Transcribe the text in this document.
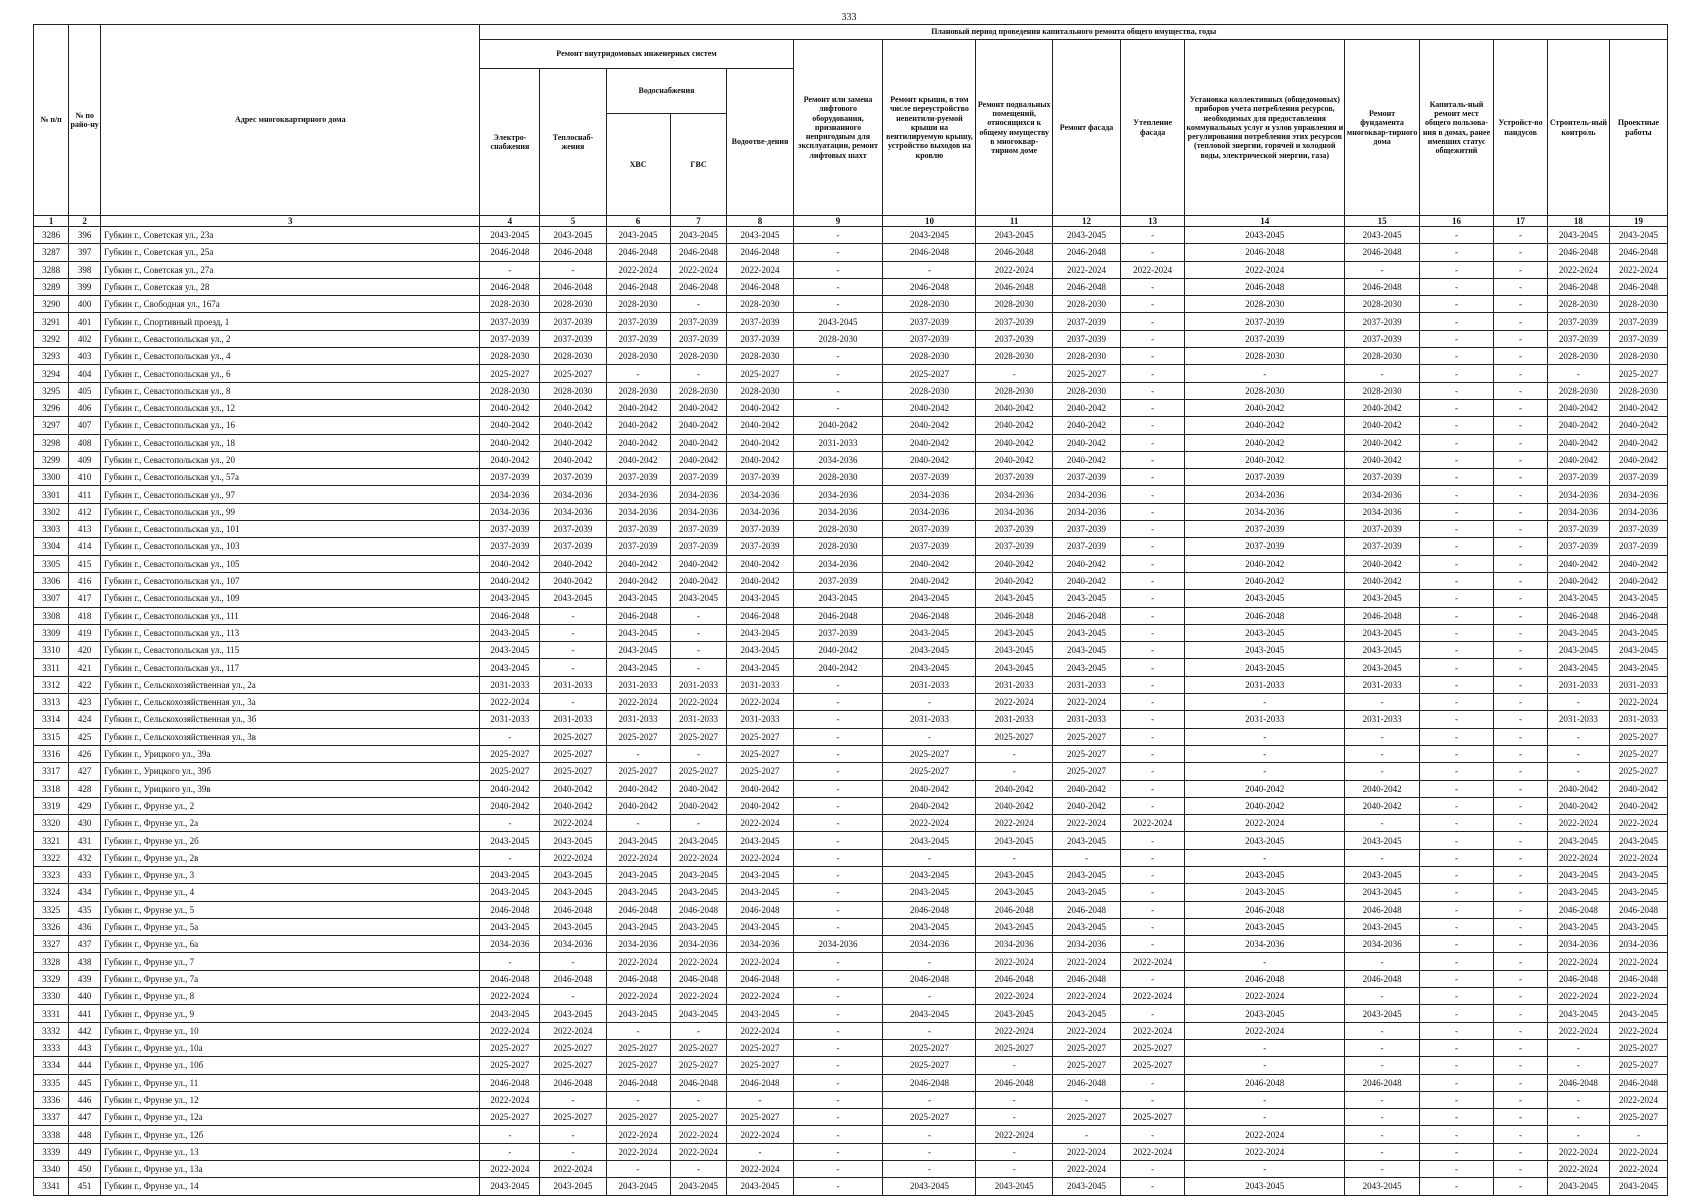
333
№ п/п	№ по райо-ну	Адрес многоквартирного дома	Плановый период проведения капитального ремонта общего имущества, годы															
			Ремонт внутридомовых инженерных систем					Ремонт или замена лифтового оборудования, признанного непригодным для эксплуатации, ремонт лифтовых шахт	Ремонт крыши, в том числе переустройство невентили-руемой крыши на вентилируемую крышу, устройство выходов на кровлю	Ремонт подвальных помещений, относящихся к общему имуществу в многоквар-тирном доме	Ремонт фасада	Утепление фасада	Установка коллективных (общедомовых) приборов учета потребления ресурсов, необходимых для предоставления коммунальных услуг и узлов управления и регулирования потребления этих ресурсов (тепловой энергии, горячей и холодной воды, электрической энергии, газа)	Ремонт фундамента многоквар-тирного дома	Капиталь-ный ремонт мест общего пользова-ния в домах, ранее имевших статус общежитий	Устройст-во пандусов	Строитель-ный контроль	Проектные работы
			Электро-снабжения	Теплоснаб-жения	Водоснабжения		Водоотве-дения											
					ХВС	ГВС												
1	2	3	4	5	6	7	8	9	10	11	12	13	14	15	16	17	18	19
3286	396	Губкин г., Советская ул., 23а	2043-2045	2043-2045	2043-2045	2043-2045	2043-2045	-	2043-2045	2043-2045	2043-2045	-	2043-2045	2043-2045	-	-	2043-2045	2043-2045
3287	397	Губкин г., Советская ул., 25а	2046-2048	2046-2048	2046-2048	2046-2048	2046-2048	-	2046-2048	2046-2048	2046-2048	-	2046-2048	2046-2048	-	-	2046-2048	2046-2048
3288	398	Губкин г., Советская ул., 27а	-	-	2022-2024	2022-2024	2022-2024	-	-	2022-2024	2022-2024	2022-2024	2022-2024	-	-	-	2022-2024	2022-2024
3289	399	Губкин г., Советская ул., 28	2046-2048	2046-2048	2046-2048	2046-2048	2046-2048	-	2046-2048	2046-2048	2046-2048	-	2046-2048	2046-2048	-	-	2046-2048	2046-2048
3290	400	Губкин г., Свободная ул., 167а	2028-2030	2028-2030	2028-2030	-	2028-2030	-	2028-2030	2028-2030	2028-2030	-	2028-2030	2028-2030	-	-	2028-2030	2028-2030
3291	401	Губкин г., Спортивный проезд, 1	2037-2039	2037-2039	2037-2039	2037-2039	2037-2039	2043-2045	2037-2039	2037-2039	2037-2039	-	2037-2039	2037-2039	-	-	2037-2039	2037-2039
3292	402	Губкин г., Севастопольская ул., 2	2037-2039	2037-2039	2037-2039	2037-2039	2037-2039	2028-2030	2037-2039	2037-2039	2037-2039	-	2037-2039	2037-2039	-	-	2037-2039	2037-2039
3293	403	Губкин г., Севастопольская ул., 4	2028-2030	2028-2030	2028-2030	2028-2030	2028-2030	-	2028-2030	2028-2030	2028-2030	-	2028-2030	2028-2030	-	-	2028-2030	2028-2030
3294	404	Губкин г., Севастопольская ул., 6	2025-2027	2025-2027	-	-	2025-2027	-	2025-2027	-	2025-2027	-	-	-	-	-	-	2025-2027
3295	405	Губкин г., Севастопольская ул., 8	2028-2030	2028-2030	2028-2030	2028-2030	2028-2030	-	2028-2030	2028-2030	2028-2030	-	2028-2030	2028-2030	-	-	2028-2030	2028-2030
3296	406	Губкин г., Севастопольская ул., 12	2040-2042	2040-2042	2040-2042	2040-2042	2040-2042	-	2040-2042	2040-2042	2040-2042	-	2040-2042	2040-2042	-	-	2040-2042	2040-2042
3297	407	Губкин г., Севастопольская ул., 16	2040-2042	2040-2042	2040-2042	2040-2042	2040-2042	2040-2042	2040-2042	2040-2042	2040-2042	-	2040-2042	2040-2042	-	-	2040-2042	2040-2042
3298	408	Губкин г., Севастопольская ул., 18	2040-2042	2040-2042	2040-2042	2040-2042	2040-2042	2031-2033	2040-2042	2040-2042	2040-2042	-	2040-2042	2040-2042	-	-	2040-2042	2040-2042
3299	409	Губкин г., Севастопольская ул., 20	2040-2042	2040-2042	2040-2042	2040-2042	2040-2042	2034-2036	2040-2042	2040-2042	2040-2042	-	2040-2042	2040-2042	-	-	2040-2042	2040-2042
3300	410	Губкин г., Севастопольская ул., 57а	2037-2039	2037-2039	2037-2039	2037-2039	2037-2039	2028-2030	2037-2039	2037-2039	2037-2039	-	2037-2039	2037-2039	-	-	2037-2039	2037-2039
3301	411	Губкин г., Севастопольская ул., 97	2034-2036	2034-2036	2034-2036	2034-2036	2034-2036	2034-2036	2034-2036	2034-2036	2034-2036	-	2034-2036	2034-2036	-	-	2034-2036	2034-2036
3302	412	Губкин г., Севастопольская ул., 99	2034-2036	2034-2036	2034-2036	2034-2036	2034-2036	2034-2036	2034-2036	2034-2036	2034-2036	-	2034-2036	2034-2036	-	-	2034-2036	2034-2036
3303	413	Губкин г., Севастопольская ул., 101	2037-2039	2037-2039	2037-2039	2037-2039	2037-2039	2028-2030	2037-2039	2037-2039	2037-2039	-	2037-2039	2037-2039	-	-	2037-2039	2037-2039
3304	414	Губкин г., Севастопольская ул., 103	2037-2039	2037-2039	2037-2039	2037-2039	2037-2039	2028-2030	2037-2039	2037-2039	2037-2039	-	2037-2039	2037-2039	-	-	2037-2039	2037-2039
3305	415	Губкин г., Севастопольская ул., 105	2040-2042	2040-2042	2040-2042	2040-2042	2040-2042	2034-2036	2040-2042	2040-2042	2040-2042	-	2040-2042	2040-2042	-	-	2040-2042	2040-2042
3306	416	Губкин г., Севастопольская ул., 107	2040-2042	2040-2042	2040-2042	2040-2042	2040-2042	2037-2039	2040-2042	2040-2042	2040-2042	-	2040-2042	2040-2042	-	-	2040-2042	2040-2042
3307	417	Губкин г., Севастопольская ул., 109	2043-2045	2043-2045	2043-2045	2043-2045	2043-2045	2043-2045	2043-2045	2043-2045	2043-2045	-	2043-2045	2043-2045	-	-	2043-2045	2043-2045
3308	418	Губкин г., Севастопольская ул., 111	2046-2048	-	2046-2048	-	2046-2048	2046-2048	2046-2048	2046-2048	2046-2048	-	2046-2048	2046-2048	-	-	2046-2048	2046-2048
3309	419	Губкин г., Севастопольская ул., 113	2043-2045	-	2043-2045	-	2043-2045	2037-2039	2043-2045	2043-2045	2043-2045	-	2043-2045	2043-2045	-	-	2043-2045	2043-2045
3310	420	Губкин г., Севастопольская ул., 115	2043-2045	-	2043-2045	-	2043-2045	2040-2042	2043-2045	2043-2045	2043-2045	-	2043-2045	2043-2045	-	-	2043-2045	2043-2045
3311	421	Губкин г., Севастопольская ул., 117	2043-2045	-	2043-2045	-	2043-2045	2040-2042	2043-2045	2043-2045	2043-2045	-	2043-2045	2043-2045	-	-	2043-2045	2043-2045
3312	422	Губкин г., Сельскохозяйственная ул., 2а	2031-2033	2031-2033	2031-2033	2031-2033	2031-2033	-	2031-2033	2031-2033	2031-2033	-	2031-2033	2031-2033	-	-	2031-2033	2031-2033
3313	423	Губкин г., Сельскохозяйственная ул., 3а	2022-2024	-	2022-2024	2022-2024	2022-2024	-	-	2022-2024	2022-2024	-	-	-	-	-	-	2022-2024
3314	424	Губкин г., Сельскохозяйственная ул., 3б	2031-2033	2031-2033	2031-2033	2031-2033	2031-2033	-	2031-2033	2031-2033	2031-2033	-	2031-2033	2031-2033	-	-	2031-2033	2031-2033
3315	425	Губкин г., Сельскохозяйственная ул., 3в	-	2025-2027	2025-2027	2025-2027	2025-2027	-	-	2025-2027	2025-2027	-	-	-	-	-	-	2025-2027
3316	426	Губкин г., Урицкого ул., 39а	2025-2027	2025-2027	-	-	2025-2027	-	2025-2027	-	2025-2027	-	-	-	-	-	-	2025-2027
3317	427	Губкин г., Урицкого ул., 39б	2025-2027	2025-2027	2025-2027	2025-2027	2025-2027	-	2025-2027	-	2025-2027	-	-	-	-	-	-	2025-2027
3318	428	Губкин г., Урицкого ул., 39в	2040-2042	2040-2042	2040-2042	2040-2042	2040-2042	-	2040-2042	2040-2042	2040-2042	-	2040-2042	2040-2042	-	-	2040-2042	2040-2042
3319	429	Губкин г., Фрунзе ул., 2	2040-2042	2040-2042	2040-2042	2040-2042	2040-2042	-	2040-2042	2040-2042	2040-2042	-	2040-2042	2040-2042	-	-	2040-2042	2040-2042
3320	430	Губкин г., Фрунзе ул., 2а	-	2022-2024	-	-	2022-2024	-	2022-2024	2022-2024	2022-2024	2022-2024	2022-2024	-	-	-	2022-2024	2022-2024
3321	431	Губкин г., Фрунзе ул., 2б	2043-2045	2043-2045	2043-2045	2043-2045	2043-2045	-	2043-2045	2043-2045	2043-2045	-	2043-2045	2043-2045	-	-	2043-2045	2043-2045
3322	432	Губкин г., Фрунзе ул., 2в	-	2022-2024	2022-2024	2022-2024	2022-2024	-	-	-	-	-	-	-	-	-	2022-2024	2022-2024
3323	433	Губкин г., Фрунзе ул., 3	2043-2045	2043-2045	2043-2045	2043-2045	2043-2045	-	2043-2045	2043-2045	2043-2045	-	2043-2045	2043-2045	-	-	2043-2045	2043-2045
3324	434	Губкин г., Фрунзе ул., 4	2043-2045	2043-2045	2043-2045	2043-2045	2043-2045	-	2043-2045	2043-2045	2043-2045	-	2043-2045	2043-2045	-	-	2043-2045	2043-2045
3325	435	Губкин г., Фрунзе ул., 5	2046-2048	2046-2048	2046-2048	2046-2048	2046-2048	-	2046-2048	2046-2048	2046-2048	-	2046-2048	2046-2048	-	-	2046-2048	2046-2048
3326	436	Губкин г., Фрунзе ул., 5а	2043-2045	2043-2045	2043-2045	2043-2045	2043-2045	-	2043-2045	2043-2045	2043-2045	-	2043-2045	2043-2045	-	-	2043-2045	2043-2045
3327	437	Губкин г., Фрунзе ул., 6а	2034-2036	2034-2036	2034-2036	2034-2036	2034-2036	2034-2036	2034-2036	2034-2036	2034-2036	-	2034-2036	2034-2036	-	-	2034-2036	2034-2036
3328	438	Губкин г., Фрунзе ул., 7	-	-	2022-2024	2022-2024	2022-2024	-	-	2022-2024	2022-2024	2022-2024	-	-	-	-	2022-2024	2022-2024
3329	439	Губкин г., Фрунзе ул., 7а	2046-2048	2046-2048	2046-2048	2046-2048	2046-2048	-	2046-2048	2046-2048	2046-2048	-	2046-2048	2046-2048	-	-	2046-2048	2046-2048
3330	440	Губкин г., Фрунзе ул., 8	2022-2024	-	2022-2024	2022-2024	2022-2024	-	-	2022-2024	2022-2024	2022-2024	2022-2024	-	-	-	2022-2024	2022-2024
3331	441	Губкин г., Фрунзе ул., 9	2043-2045	2043-2045	2043-2045	2043-2045	2043-2045	-	2043-2045	2043-2045	2043-2045	-	2043-2045	2043-2045	-	-	2043-2045	2043-2045
3332	442	Губкин г., Фрунзе ул., 10	2022-2024	2022-2024	-	-	2022-2024	-	-	2022-2024	2022-2024	2022-2024	2022-2024	-	-	-	2022-2024	2022-2024
3333	443	Губкин г., Фрунзе ул., 10а	2025-2027	2025-2027	2025-2027	2025-2027	2025-2027	-	2025-2027	2025-2027	2025-2027	2025-2027	-	-	-	-	-	2025-2027
3334	444	Губкин г., Фрунзе ул., 10б	2025-2027	2025-2027	2025-2027	2025-2027	2025-2027	-	2025-2027	-	2025-2027	2025-2027	-	-	-	-	-	2025-2027
3335	445	Губкин г., Фрунзе ул., 11	2046-2048	2046-2048	2046-2048	2046-2048	2046-2048	-	2046-2048	2046-2048	2046-2048	-	2046-2048	2046-2048	-	-	2046-2048	2046-2048
3336	446	Губкин г., Фрунзе ул., 12	2022-2024	-	-	-	-	-	-	-	-	-	-	-	-	-	-	2022-2024
3337	447	Губкин г., Фрунзе ул., 12а	2025-2027	2025-2027	2025-2027	2025-2027	2025-2027	-	2025-2027	-	2025-2027	2025-2027	-	-	-	-	-	2025-2027
3338	448	Губкин г., Фрунзе ул., 12б	-	-	2022-2024	2022-2024	2022-2024	-	-	2022-2024	-	-	2022-2024	-	-	-	-	-
3339	449	Губкин г., Фрунзе ул., 13	-	-	2022-2024	2022-2024	-	-	-	-	2022-2024	2022-2024	2022-2024	-	-	-	2022-2024	2022-2024
3340	450	Губкин г., Фрунзе ул., 13а	2022-2024	2022-2024	-	-	2022-2024	-	-	-	2022-2024	-	-	-	-	-	2022-2024	2022-2024
3341	451	Губкин г., Фрунзе ул., 14	2043-2045	2043-2045	2043-2045	2043-2045	2043-2045	-	2043-2045	2043-2045	2043-2045	-	2043-2045	2043-2045	-	-	2043-2045	2043-2045
